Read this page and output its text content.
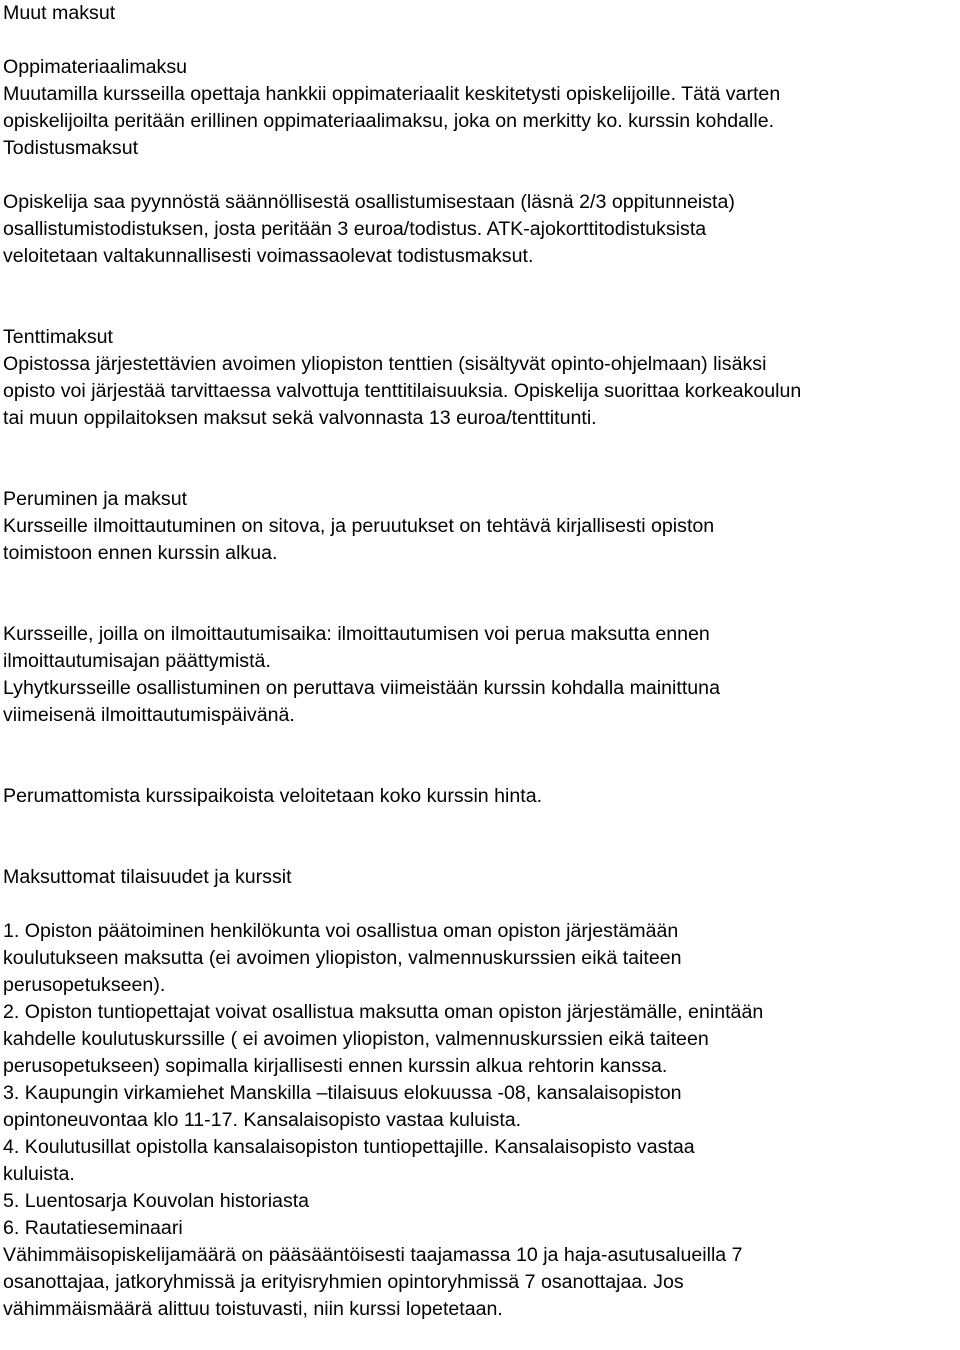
Muut maksut
Oppimateriaalimaksu
Muutamilla kursseilla opettaja hankkii oppimateriaalit keskitetysti opiskelijoille. Tätä varten
opiskelijoilta peritään erillinen oppimateriaalimaksu, joka on merkitty ko. kurssin kohdalle.
Todistusmaksut
Opiskelija saa pyynnöstä säännöllisestä osallistumisestaan (läsnä 2/3 oppitunneista)
osallistumistodistuksen, josta peritään 3 euroa/todistus. ATK-ajokorttitodistuksista
veloitetaan valtakunnallisesti voimassaolevat todistusmaksut.
Tenttimaksut
Opistossa järjestettävien avoimen yliopiston tenttien (sisältyvät opinto-ohjelmaan) lisäksi
opisto voi järjestää tarvittaessa valvottuja tenttitilaisuuksia. Opiskelija suorittaa korkeakoulun
tai muun oppilaitoksen maksut sekä valvonnasta 13 euroa/tenttitunti.
Peruminen ja maksut
Kursseille ilmoittautuminen on sitova, ja peruutukset on tehtävä kirjallisesti opiston
toimistoon ennen kurssin alkua.
Kursseille, joilla on ilmoittautumisaika: ilmoittautumisen voi perua maksutta ennen
ilmoittautumisajan päättymistä.
Lyhytkursseille osallistuminen on peruttava viimeistään kurssin kohdalla mainittuna
viimeisenä ilmoittautumispäivänä.
Perumattomista kurssipaikoista veloitetaan koko kurssin hinta.
Maksuttomat tilaisuudet ja kurssit
1. Opiston päätoiminen henkilökunta voi osallistua oman opiston järjestämään
koulutukseen maksutta (ei avoimen yliopiston, valmennuskurssien eikä taiteen
perusopetukseen).
2. Opiston tuntiopettajat voivat osallistua maksutta oman opiston järjestämälle, enintään
kahdelle koulutuskurssille ( ei avoimen yliopiston, valmennuskurssien eikä taiteen
perusopetukseen) sopimalla kirjallisesti ennen kurssin alkua rehtorin kanssa.
3. Kaupungin virkamiehet Manskilla –tilaisuus elokuussa -08, kansalaisopiston
opintoneuvontaa klo 11-17. Kansalaisopisto vastaa kuluista.
4. Koulutusillat opistolla kansalaisopiston tuntiopettajille. Kansalaisopisto vastaa
kuluista.
5. Luentosarja Kouvolan historiasta
6. Rautatieseminaari
Vähimmäisopiskelijamäärä on pääsääntöisesti taajamassa 10 ja haja-asutusalueilla 7
osanottajaa, jatkoryhmissä ja erityisryhmien opintoryhmissä 7 osanottajaa. Jos
vähimmäismäärä alittuu toistuvasti, niin kurssi lopetetaan.
